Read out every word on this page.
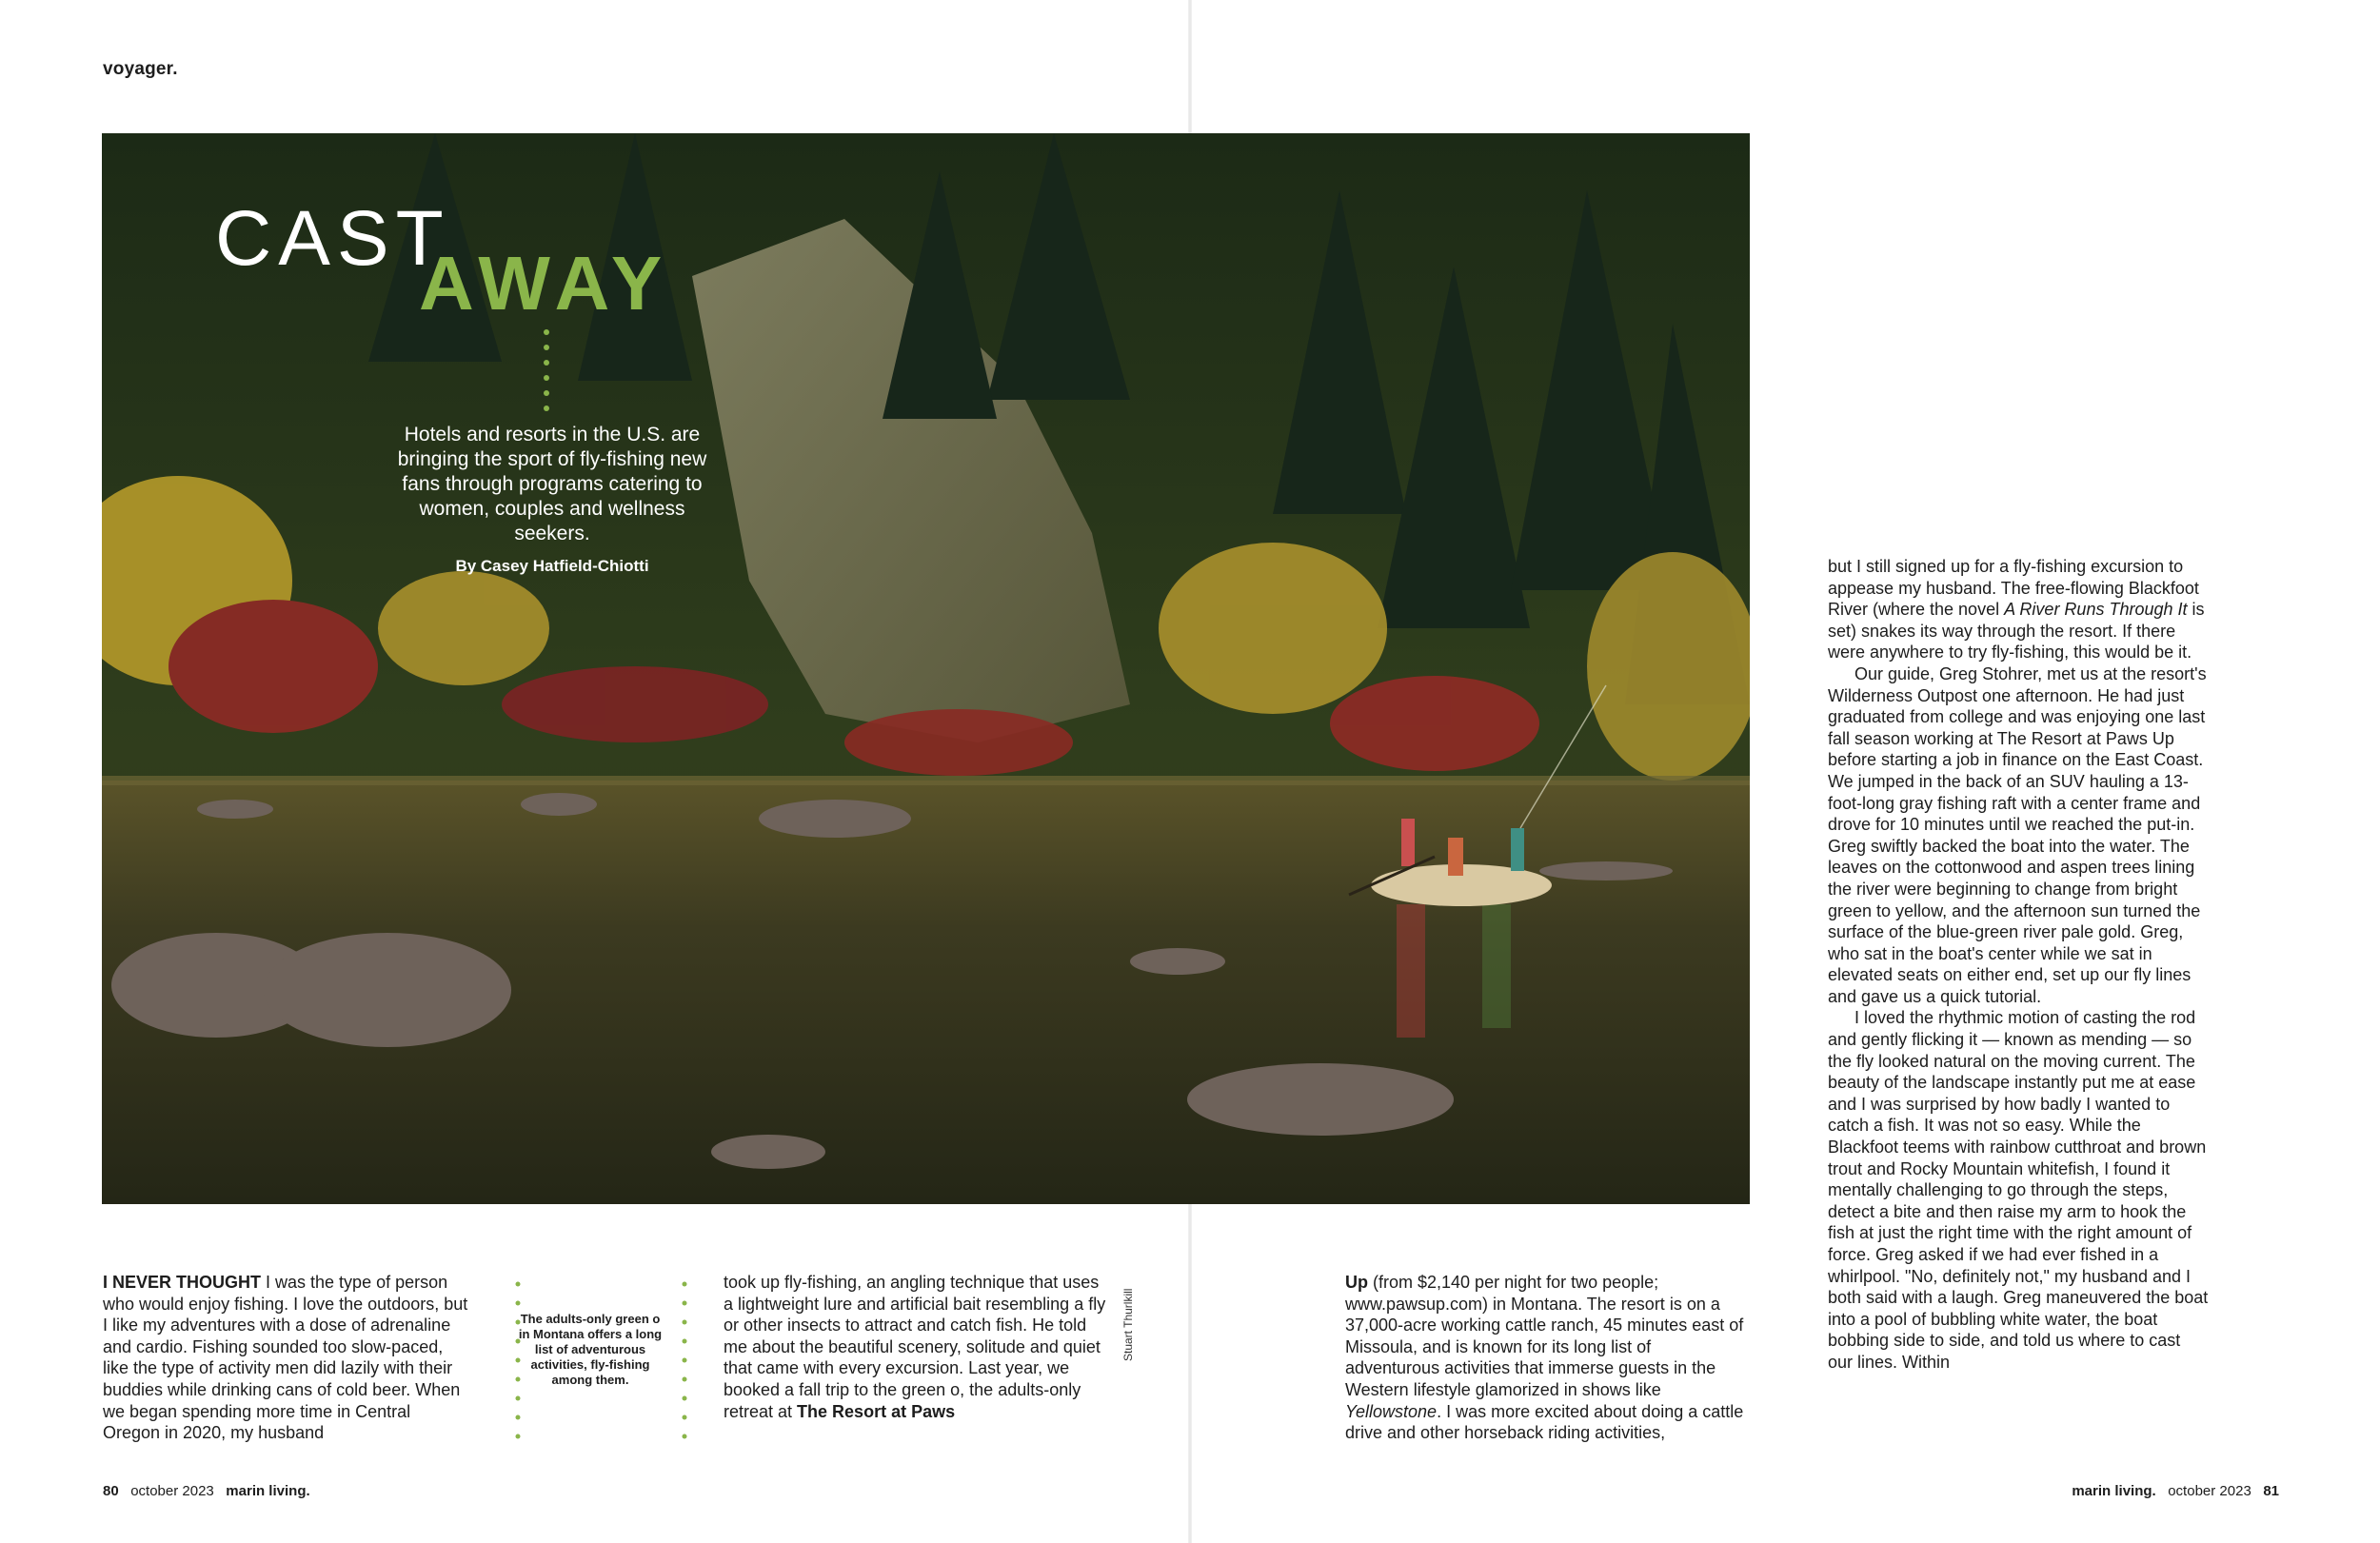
voyager.
CAST
AWAY
Hotels and resorts in the U.S. are bringing the sport of fly-fishing new fans through programs catering to women, couples and wellness seekers.
By Casey Hatfield-Chiotti

I NEVER THOUGHT I was the type of person who would enjoy fishing. I love the outdoors, but I like my adventures with a dose of adrenaline and cardio. Fishing sounded too slow-paced, like the type of activity men did lazily with their buddies while drinking cans of cold beer. When we began spending more time in Central Oregon in 2020, my husband

The adults-only green o in Montana offers a long list of adventurous activities, fly-fishing among them.

took up fly-fishing, an angling technique that uses a lightweight lure and artificial bait resembling a fly or other insects to attract and catch fish. He told me about the beautiful scenery, solitude and quiet that came with every excursion. Last year, we booked a fall trip to the green o, the adults-only retreat at The Resort at Paws

Stuart Thurlkill

Up (from $2,140 per night for two people; www.pawsup.com) in Montana. The resort is on a 37,000-acre working cattle ranch, 45 minutes east of Missoula, and is known for its long list of adventurous activities that immerse guests in the Western lifestyle glamorized in shows like Yellowstone. I was more excited about doing a cattle drive and other horseback riding activities,

but I still signed up for a fly-fishing excursion to appease my husband. The free-flowing Blackfoot River (where the novel A River Runs Through It is set) snakes its way through the resort. If there were anywhere to try fly-fishing, this would be it.

Our guide, Greg Stohrer, met us at the resort's Wilderness Outpost one afternoon. He had just graduated from college and was enjoying one last fall season working at The Resort at Paws Up before starting a job in finance on the East Coast. We jumped in the back of an SUV hauling a 13-foot-long gray fishing raft with a center frame and drove for 10 minutes until we reached the put-in. Greg swiftly backed the boat into the water. The leaves on the cottonwood and aspen trees lining the river were beginning to change from bright green to yellow, and the afternoon sun turned the surface of the blue-green river pale gold. Greg, who sat in the boat's center while we sat in elevated seats on either end, set up our fly lines and gave us a quick tutorial.

I loved the rhythmic motion of casting the rod and gently flicking it — known as mending — so the fly looked natural on the moving current. The beauty of the landscape instantly put me at ease and I was surprised by how badly I wanted to catch a fish. It was not so easy. While the Blackfoot teems with rainbow cutthroat and brown trout and Rocky Mountain whitefish, I found it mentally challenging to go through the steps, detect a bite and then raise my arm to hook the fish at just the right time with the right amount of force. Greg asked if we had ever fished in a whirlpool. "No, definitely not," my husband and I both said with a laugh. Greg maneuvered the boat into a pool of bubbling white water, the boat bobbing side to side, and told us where to cast our lines. Within

80 october 2023 marin living.	marin living. october 2023 81
